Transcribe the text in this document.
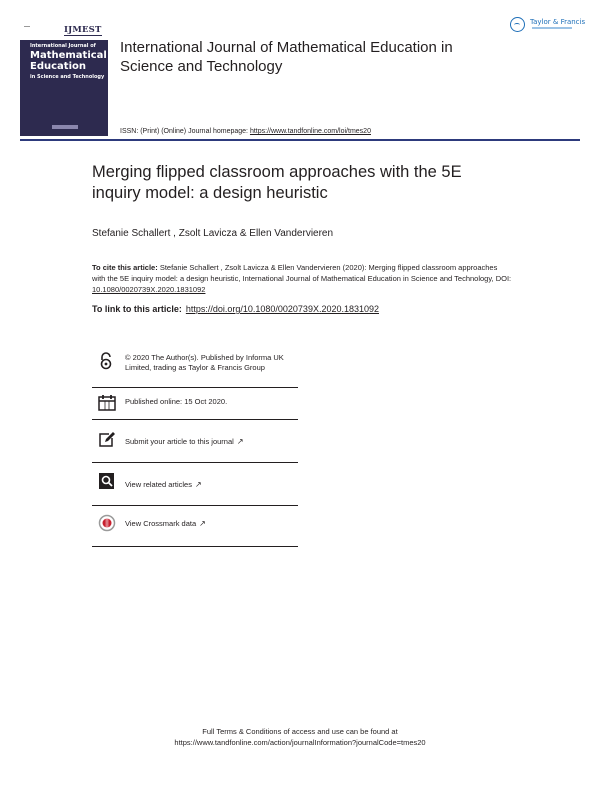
IJMEST
International Journal of
Mathematical Education
in Science and Technology
International Journal of Mathematical Education in Science and Technology
Taylor & Francis
ISSN: (Print) (Online) Journal homepage: https://www.tandfonline.com/loi/tmes20
Merging flipped classroom approaches with the 5E inquiry model: a design heuristic
Stefanie Schallert , Zsolt Lavicza & Ellen Vandervieren
To cite this article: Stefanie Schallert , Zsolt Lavicza & Ellen Vandervieren (2020): Merging flipped classroom approaches with the 5E inquiry model: a design heuristic, International Journal of Mathematical Education in Science and Technology, DOI: 10.1080/0020739X.2020.1831092
To link to this article: https://doi.org/10.1080/0020739X.2020.1831092
© 2020 The Author(s). Published by Informa UK Limited, trading as Taylor & Francis Group
Published online: 15 Oct 2020.
Submit your article to this journal ↗
View related articles ↗
View Crossmark data ↗
Full Terms & Conditions of access and use can be found at
https://www.tandfonline.com/action/journalInformation?journalCode=tmes20
